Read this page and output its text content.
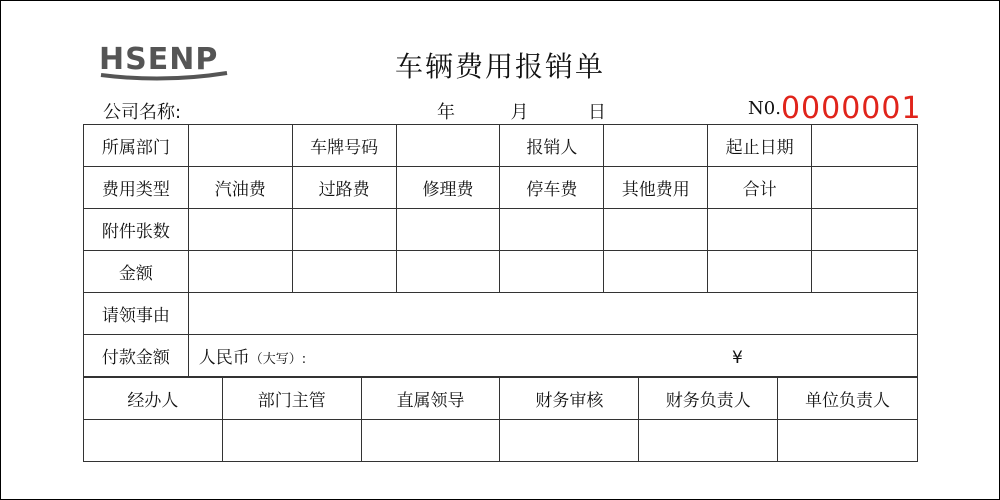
HSENP	车辆费用报销单
公司名称:	年	月	日	N0.0000001
所属部门		车牌号码		报销人		起止日期	
费用类型	汽油费	过路费	修理费	停车费	其他费用	合计	
附件张数							
金额							
请领事由							
付款金额	人民币（大写）: ¥						
经办人	部门主管	直属领导	财务审核	财务负责人	单位负责人
